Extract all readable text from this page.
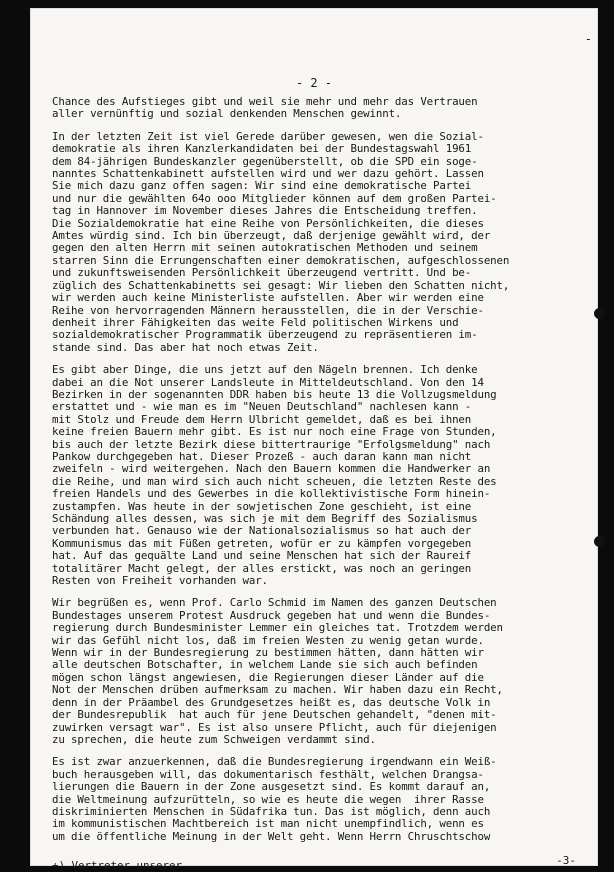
-
- 2 -
Chance des Aufstieges gibt und weil sie mehr und mehr das Vertrauen
aller vernünftig und sozial denkenden Menschen gewinnt.
In der letzten Zeit ist viel Gerede darüber gewesen, wen die Sozial-
demokratie als ihren Kanzlerkandidaten bei der Bundestagswahl 1961
dem 84-jährigen Bundeskanzler gegenüberstellt, ob die SPD ein soge-
nanntes Schattenkabinett aufstellen wird und wer dazu gehört. Lassen
Sie mich dazu ganz offen sagen: Wir sind eine demokratische Partei
und nur die gewählten 64o ooo Mitglieder können auf dem großen Partei-
tag in Hannover im November dieses Jahres die Entscheidung treffen.
Die Sozialdemokratie hat eine Reihe von Persönlichkeiten, die dieses
Amtes würdig sind. Ich bin überzeugt, daß derjenige gewählt wird, der
gegen den alten Herrn mit seinen autokratischen Methoden und seinem
starren Sinn die Errungenschaften einer demokratischen, aufgeschlossenen
und zukunftsweisenden Persönlichkeit überzeugend vertritt. Und be-
züglich des Schattenkabinetts sei gesagt: Wir lieben den Schatten nicht,
wir werden auch keine Ministerliste aufstellen. Aber wir werden eine
Reihe von hervorragenden Männern herausstellen, die in der Verschie-
denheit ihrer Fähigkeiten das weite Feld politischen Wirkens und
sozialdemokratischer Programmatik überzeugend zu repräsentieren im-
stande sind. Das aber hat noch etwas Zeit.
Es gibt aber Dinge, die uns jetzt auf den Nägeln brennen. Ich denke
dabei an die Not unserer Landsleute in Mitteldeutschland. Von den 14
Bezirken in der sogenannten DDR haben bis heute 13 die Vollzugsmeldung
erstattet und - wie man es im "Neuen Deutschland" nachlesen kann -
mit Stolz und Freude dem Herrn Ulbricht gemeldet, daß es bei ihnen
keine freien Bauern mehr gibt. Es ist nur noch eine Frage von Stunden,
bis auch der letzte Bezirk diese bittertraurige "Erfolgsmeldung" nach
Pankow durchgegeben hat. Dieser Prozeß - auch daran kann man nicht
zweifeln - wird weitergehen. Nach den Bauern kommen die Handwerker an
die Reihe, und man wird sich auch nicht scheuen, die letzten Reste des
freien Handels und des Gewerbes in die kollektivistische Form hinein-
zustampfen. Was heute in der sowjetischen Zone geschieht, ist eine
Schändung alles dessen, was sich je mit dem Begriff des Sozialismus
verbunden hat. Genauso wie der Nationalsozialismus so hat auch der
Kommunismus das mit Füßen getreten, wofür er zu kämpfen vorgegeben
hat. Auf das gequälte Land und seine Menschen hat sich der Raureif
totalitärer Macht gelegt, der alles erstickt, was noch an geringen
Resten von Freiheit vorhanden war.
Wir begrüßen es, wenn Prof. Carlo Schmid im Namen des ganzen Deutschen
Bundestages unserem Protest Ausdruck gegeben hat und wenn die Bundes-
regierung durch Bundesminister Lemmer ein gleiches tat. Trotzdem werden
wir das Gefühl nicht los, daß im freien Westen zu wenig getan wurde.
Wenn wir in der Bundesregierung zu bestimmen hätten, dann hätten wir
alle deutschen Botschafter, in welchem Lande sie sich auch befinden
mögen schon längst angewiesen, die Regierungen dieser Länder auf die
Not der Menschen drüben aufmerksam zu machen. Wir haben dazu ein Recht,
denn in der Präambel des Grundgesetzes heißt es, das deutsche Volk in
der Bundesrepublik  hat auch für jene Deutschen gehandelt, "denen mit-
zuwirken versagt war". Es ist also unsere Pflicht, auch für diejenigen
zu sprechen, die heute zum Schweigen verdammt sind.
Es ist zwar anzuerkennen, daß die Bundesregierung irgendwann ein Weiß-
buch herausgeben will, das dokumentarisch festhält, welchen Drangsa-
lierungen die Bauern in der Zone ausgesetzt sind. Es kommt darauf an,
die Weltmeinung aufzurütteln, so wie es heute die wegen  ihrer Rasse
diskriminierten Menschen in Südafrika tun. Das ist möglich, denn auch
im kommunistischen Machtbereich ist man nicht unempfindlich, wenn es
um die öffentliche Meinung in der Welt geht. Wenn Herrn Chruschtschow
-3-
+) Vertreter unserer
